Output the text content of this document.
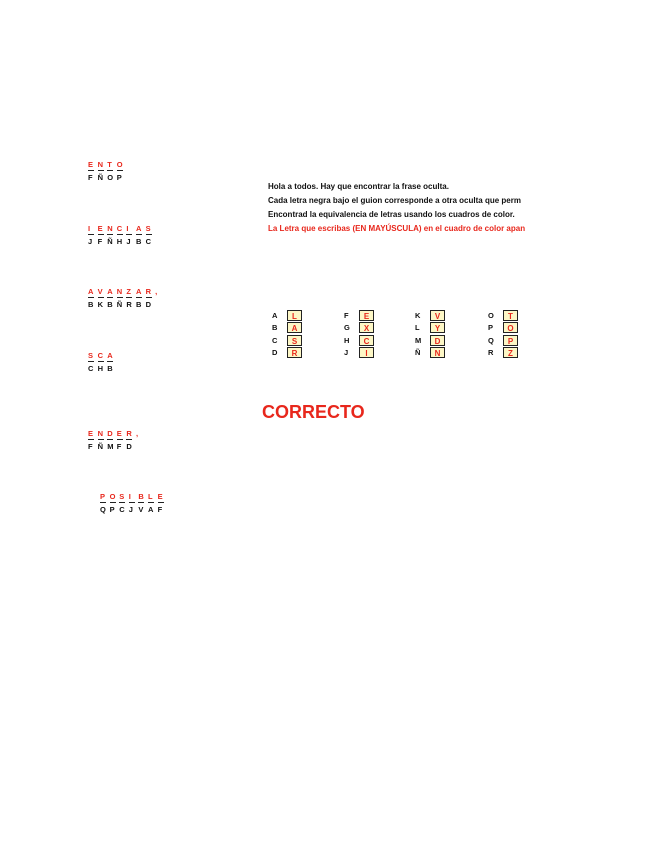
E N T O
F Ñ O P
I	E N C I	A S
J F Ñ H J B C
A V A N Z A R ,
B K B Ñ R B D
S C A
C H B
E N D E R ,
F Ñ M F D
P O S I	B L E
Q P C J V A F
Hola a todos. Hay que encontrar la frase oculta.
Cada letra negra bajo el guion corresponde a otra oculta que perm
Encontrad la equivalencia de letras usando los cuadros de color.
La Letra que escribas (EN MAYÚSCULA) en el cuadro de color apan
A	L
B	A
C	S
D	R
F	E
G	X
H	C
J	I
K	V
L	Y
M	D
Ñ	N
O	T
P	O
Q	P
R	Z
CORRECTO
